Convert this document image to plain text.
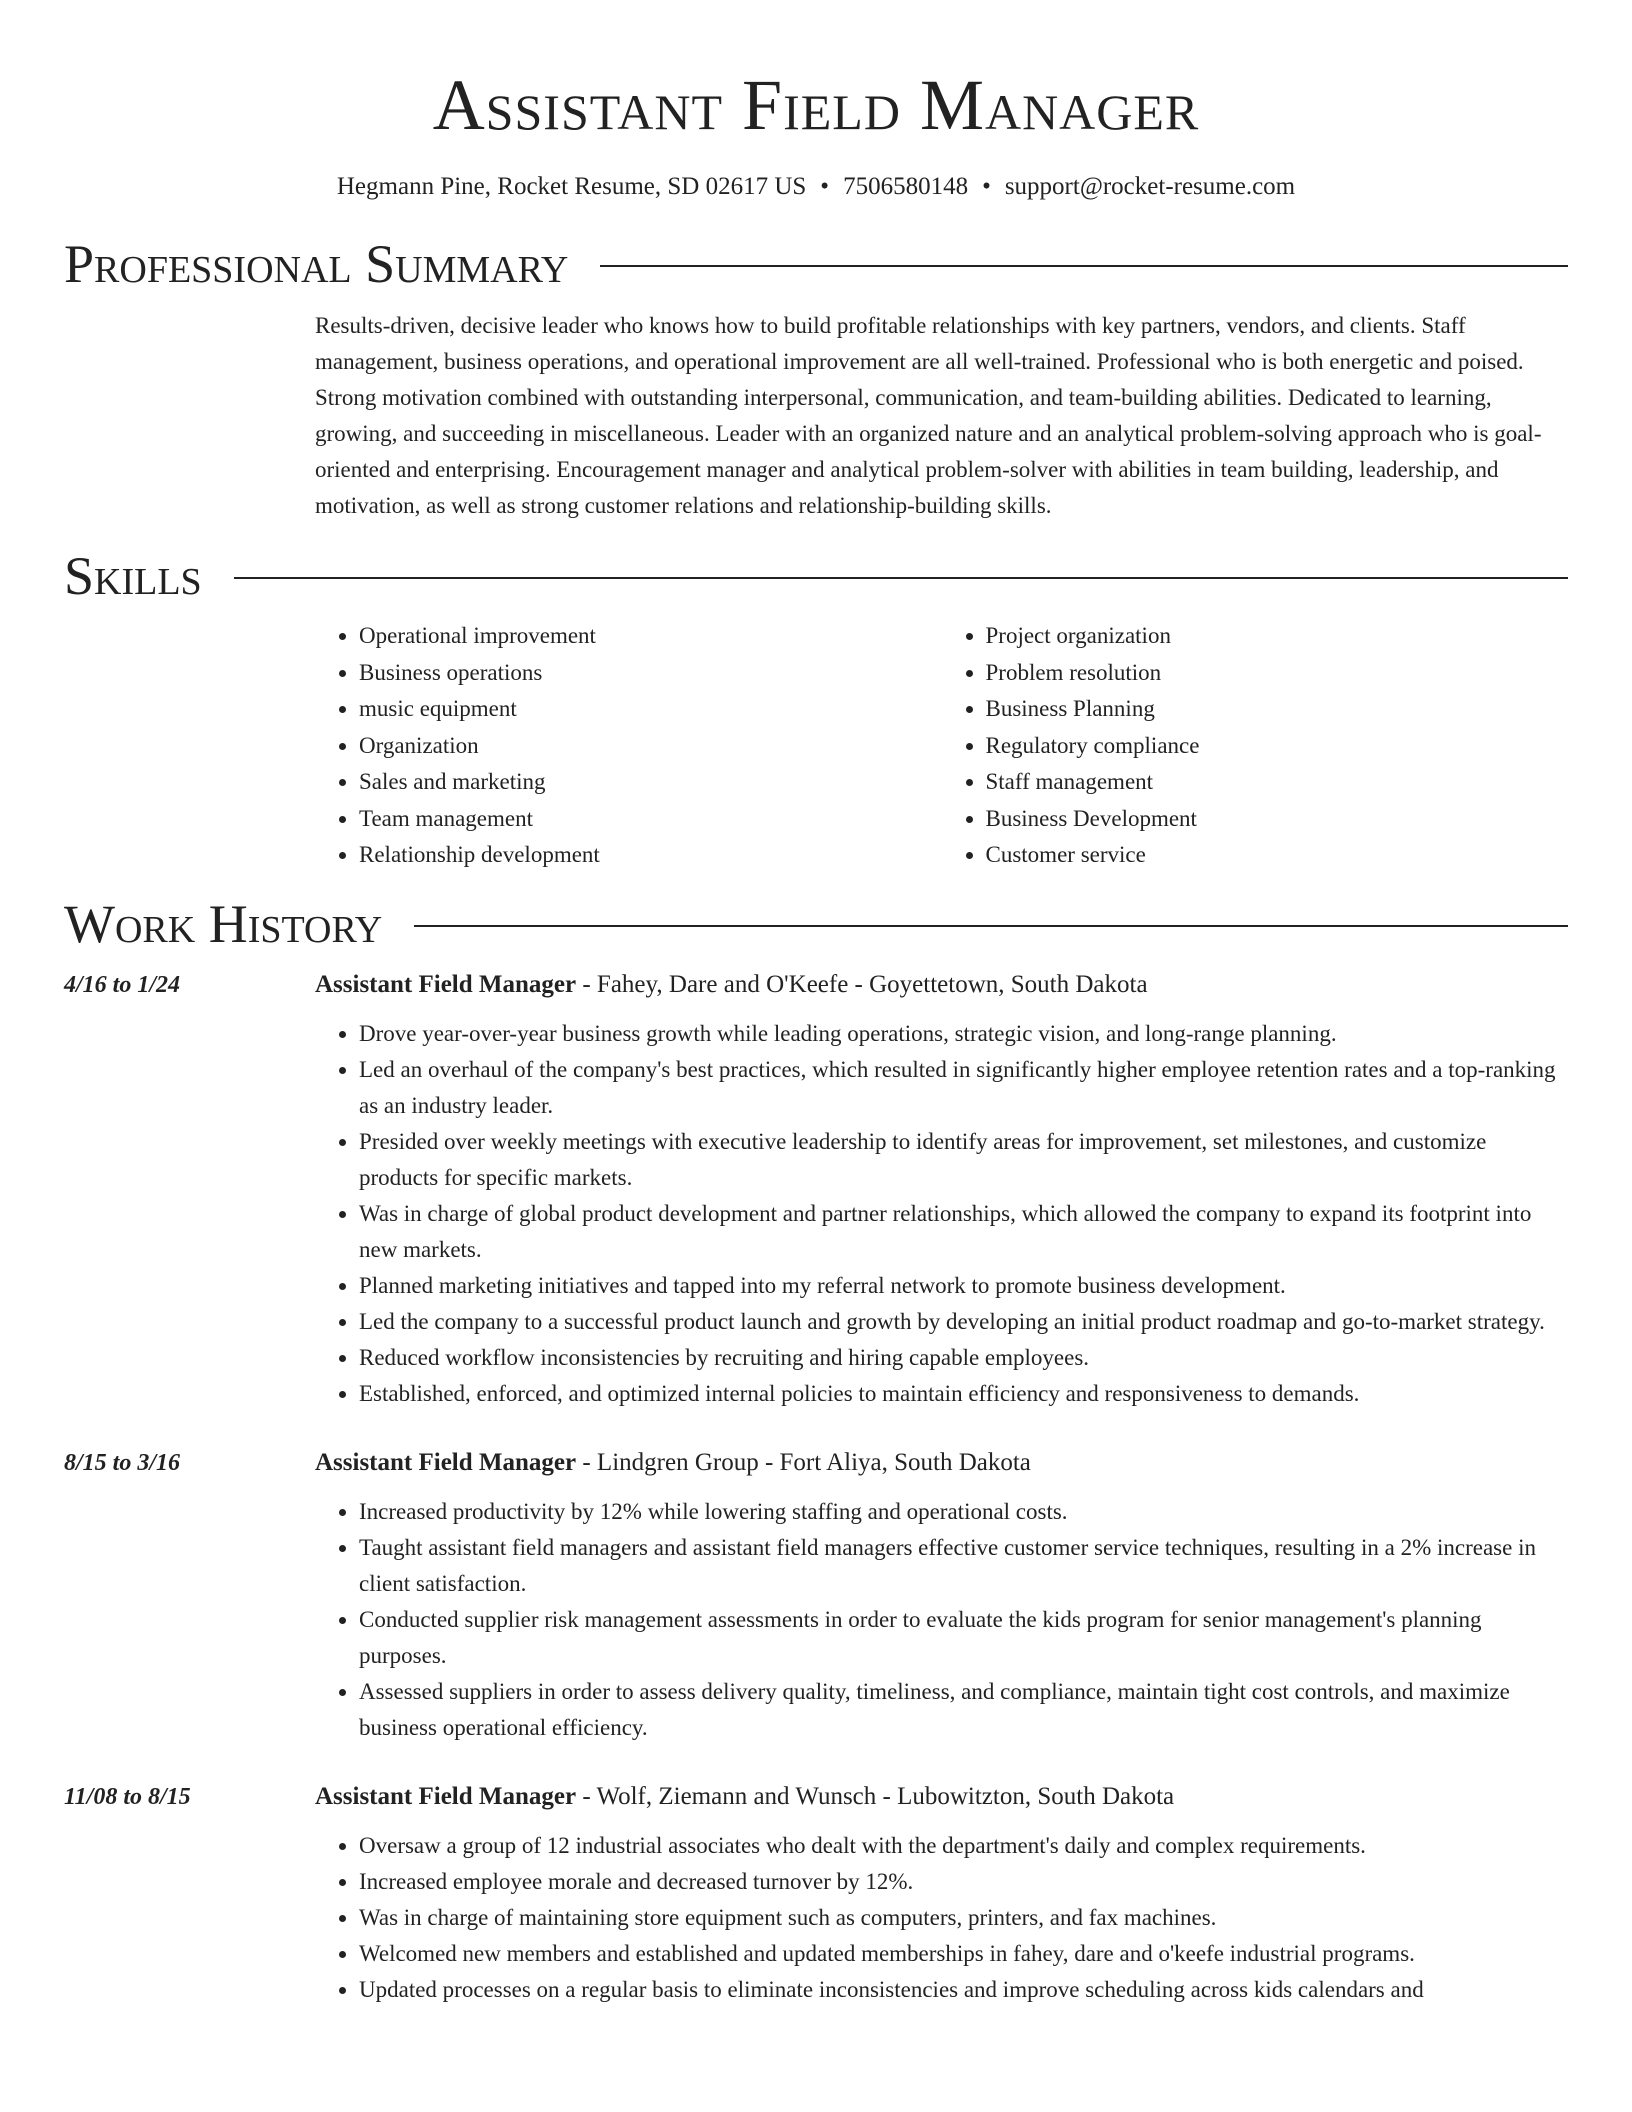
Assistant Field Manager
Hegmann Pine, Rocket Resume, SD 02617 US • 7506580148 • support@rocket-resume.com
Professional Summary
Results-driven, decisive leader who knows how to build profitable relationships with key partners, vendors, and clients. Staff management, business operations, and operational improvement are all well-trained. Professional who is both energetic and poised. Strong motivation combined with outstanding interpersonal, communication, and team-building abilities. Dedicated to learning, growing, and succeeding in miscellaneous. Leader with an organized nature and an analytical problem-solving approach who is goal-oriented and enterprising. Encouragement manager and analytical problem-solver with abilities in team building, leadership, and motivation, as well as strong customer relations and relationship-building skills.
Skills
• Operational improvement
• Business operations
• music equipment
• Organization
• Sales and marketing
• Team management
• Relationship development
• Project organization
• Problem resolution
• Business Planning
• Regulatory compliance
• Staff management
• Business Development
• Customer service
Work History
4/16 to 1/24	Assistant Field Manager - Fahey, Dare and O'Keefe - Goyettetown, South Dakota
• Drove year-over-year business growth while leading operations, strategic vision, and long-range planning.
• Led an overhaul of the company's best practices, which resulted in significantly higher employee retention rates and a top-ranking as an industry leader.
• Presided over weekly meetings with executive leadership to identify areas for improvement, set milestones, and customize products for specific markets.
• Was in charge of global product development and partner relationships, which allowed the company to expand its footprint into new markets.
• Planned marketing initiatives and tapped into my referral network to promote business development.
• Led the company to a successful product launch and growth by developing an initial product roadmap and go-to-market strategy.
• Reduced workflow inconsistencies by recruiting and hiring capable employees.
• Established, enforced, and optimized internal policies to maintain efficiency and responsiveness to demands.
8/15 to 3/16	Assistant Field Manager - Lindgren Group - Fort Aliya, South Dakota
• Increased productivity by 12% while lowering staffing and operational costs.
• Taught assistant field managers and assistant field managers effective customer service techniques, resulting in a 2% increase in client satisfaction.
• Conducted supplier risk management assessments in order to evaluate the kids program for senior management's planning purposes.
• Assessed suppliers in order to assess delivery quality, timeliness, and compliance, maintain tight cost controls, and maximize business operational efficiency.
11/08 to 8/15	Assistant Field Manager - Wolf, Ziemann and Wunsch - Lubowitzton, South Dakota
• Oversaw a group of 12 industrial associates who dealt with the department's daily and complex requirements.
• Increased employee morale and decreased turnover by 12%.
• Was in charge of maintaining store equipment such as computers, printers, and fax machines.
• Welcomed new members and established and updated memberships in fahey, dare and o'keefe industrial programs.
• Updated processes on a regular basis to eliminate inconsistencies and improve scheduling across kids calendars and
